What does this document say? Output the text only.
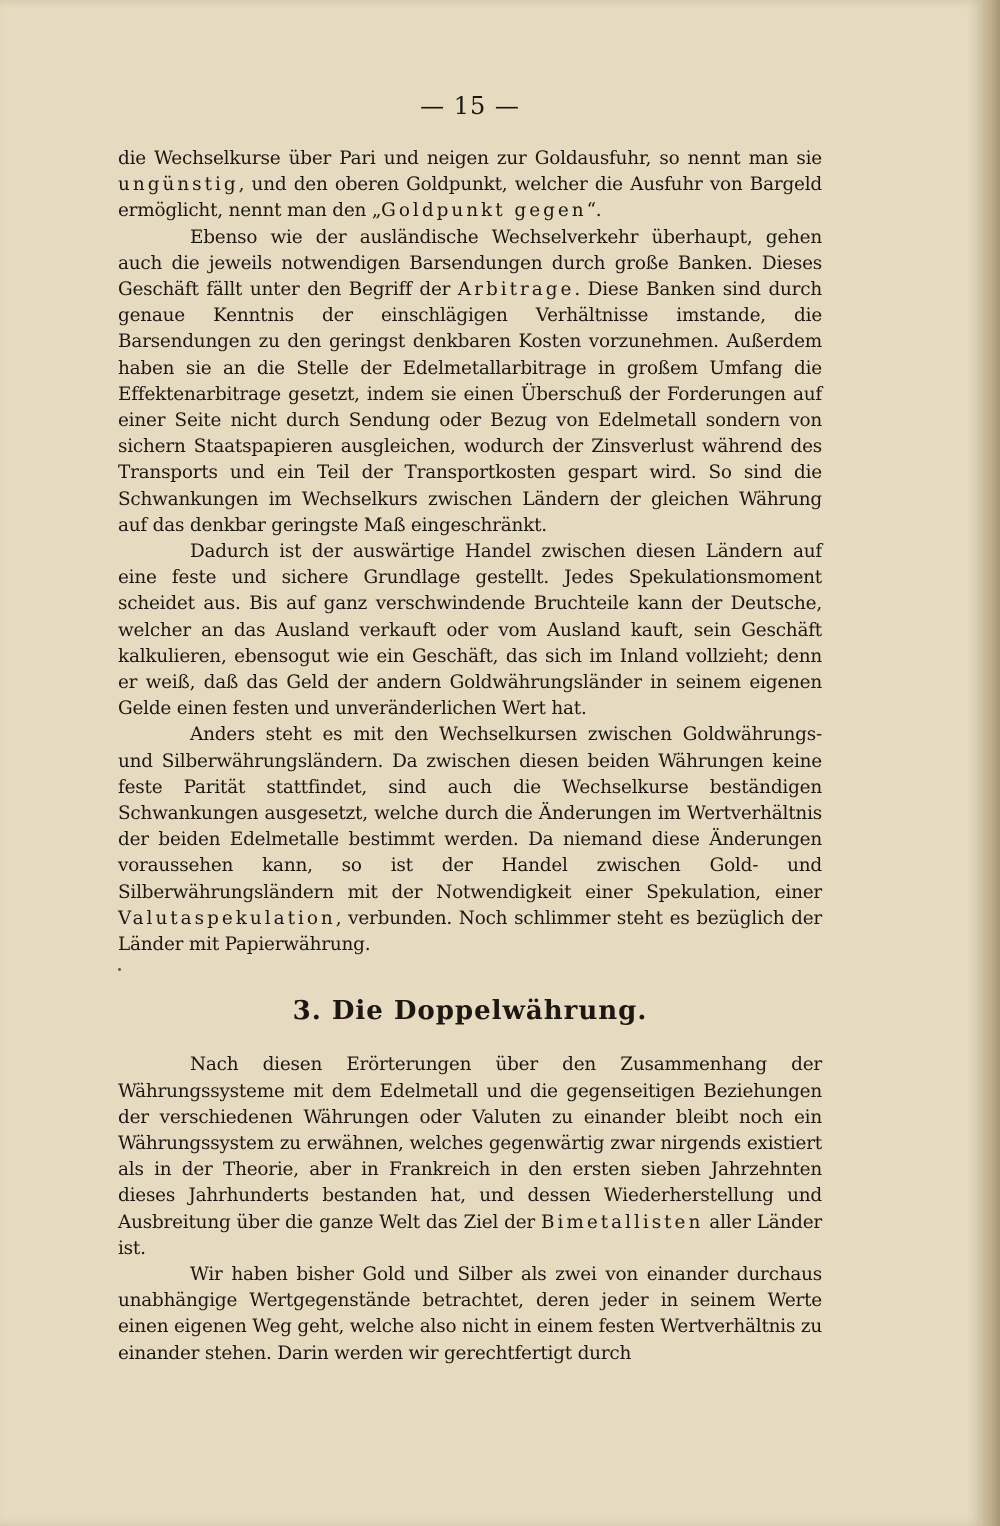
— 15 —

die Wechselkurse über Pari und neigen zur Goldausfuhr, so nennt man sie ungünstig, und den oberen Goldpunkt, welcher die Ausfuhr von Bargeld ermöglicht, nennt man den „Goldpunkt gegen“.

Ebenso wie der ausländische Wechselverkehr überhaupt, gehen auch die jeweils notwendigen Barsendungen durch große Banken. Dieses Geschäft fällt unter den Begriff der Arbitrage. Diese Banken sind durch genaue Kenntnis der einschlägigen Verhältnisse imstande, die Barsendungen zu den geringst denkbaren Kosten vorzunehmen. Außerdem haben sie an die Stelle der Edelmetallarbitrage in großem Umfang die Effektenarbitrage gesetzt, indem sie einen Überschuß der Forderungen auf einer Seite nicht durch Sendung oder Bezug von Edelmetall sondern von sichern Staatspapieren ausgleichen, wodurch der Zinsverlust während des Transports und ein Teil der Transportkosten gespart wird. So sind die Schwankungen im Wechselkurs zwischen Ländern der gleichen Währung auf das denkbar geringste Maß eingeschränkt.

Dadurch ist der auswärtige Handel zwischen diesen Ländern auf eine feste und sichere Grundlage gestellt. Jedes Spekulationsmoment scheidet aus. Bis auf ganz verschwindende Bruchteile kann der Deutsche, welcher an das Ausland verkauft oder vom Ausland kauft, sein Geschäft kalkulieren, ebensogut wie ein Geschäft, das sich im Inland vollzieht; denn er weiß, daß das Geld der andern Goldwährungsländer in seinem eigenen Gelde einen festen und unveränderlichen Wert hat.

Anders steht es mit den Wechselkursen zwischen Goldwährungs- und Silberwährungsländern. Da zwischen diesen beiden Währungen keine feste Parität stattfindet, sind auch die Wechselkurse beständigen Schwankungen ausgesetzt, welche durch die Änderungen im Wertverhältnis der beiden Edelmetalle bestimmt werden. Da niemand diese Änderungen voraussehen kann, so ist der Handel zwischen Gold- und Silberwährungsländern mit der Notwendigkeit einer Spekulation, einer Valutaspekulation, verbunden. Noch schlimmer steht es bezüglich der Länder mit Papierwährung.

3. Die Doppelwährung.

Nach diesen Erörterungen über den Zusammenhang der Währungssysteme mit dem Edelmetall und die gegenseitigen Beziehungen der verschiedenen Währungen oder Valuten zu einander bleibt noch ein Währungssystem zu erwähnen, welches gegenwärtig zwar nirgends existiert als in der Theorie, aber in Frankreich in den ersten sieben Jahrzehnten dieses Jahrhunderts bestanden hat, und dessen Wiederherstellung und Ausbreitung über die ganze Welt das Ziel der Bimetallisten aller Länder ist.

Wir haben bisher Gold und Silber als zwei von einander durchaus unabhängige Wertgegenstände betrachtet, deren jeder in seinem Werte einen eigenen Weg geht, welche also nicht in einem festen Wertverhältnis zu einander stehen. Darin werden wir gerechtfertigt durch
